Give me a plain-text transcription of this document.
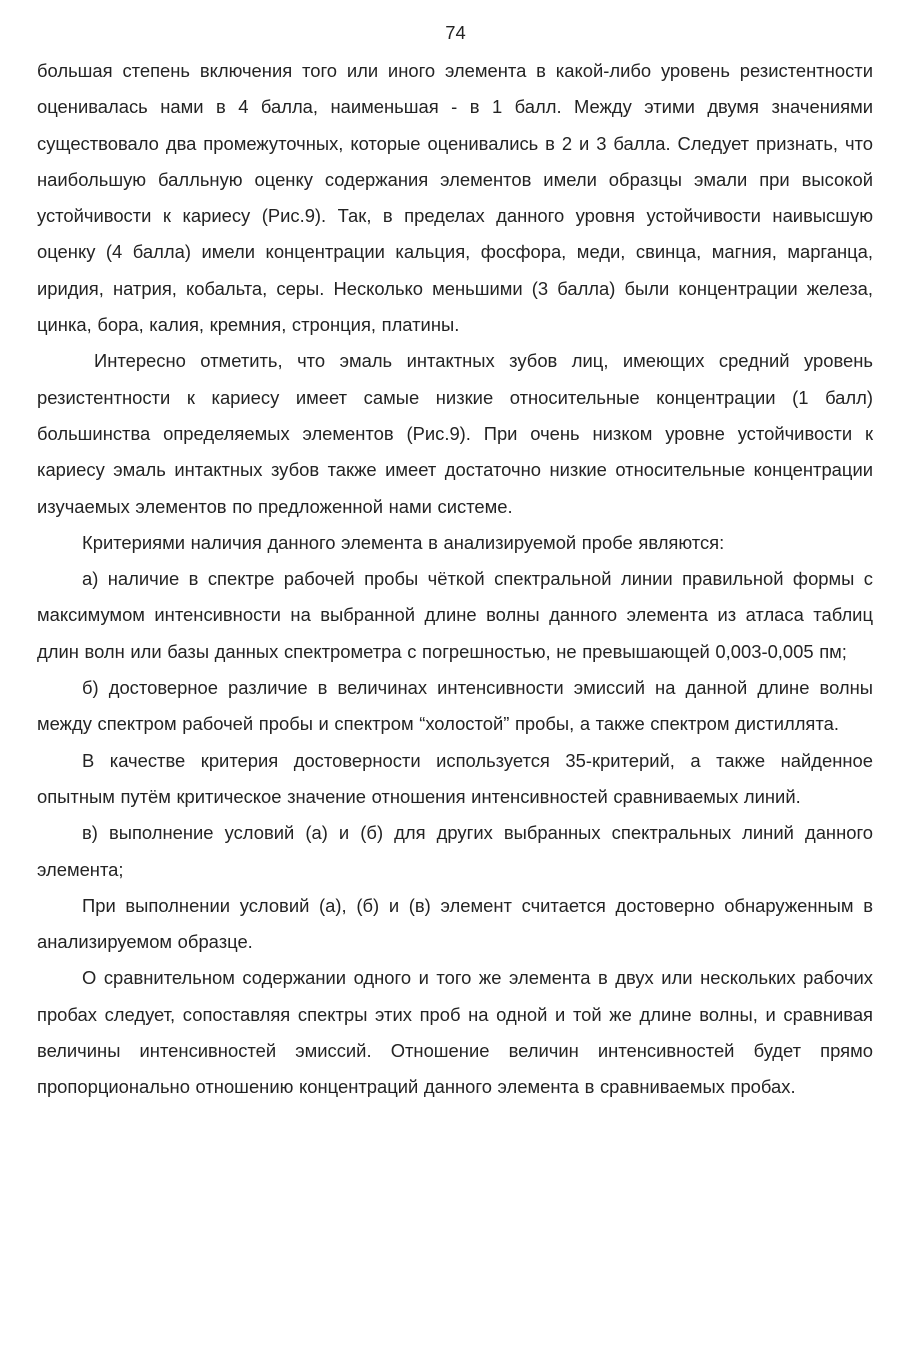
74

большая степень включения того или иного элемента в какой-либо уровень резистентности оценивалась нами в 4 балла, наименьшая - в 1 балл. Между этими двумя значениями существовало два промежуточных, которые оценивались в 2 и 3 балла. Следует признать, что наибольшую балльную оценку содержания элементов имели образцы эмали при высокой устойчивости к кариесу (Рис.9). Так, в пределах данного уровня устойчивости наивысшую оценку (4 балла) имели концентрации кальция, фосфора, меди, свинца, магния, марганца, иридия, натрия, кобальта, серы. Несколько меньшими (3 балла) были концентрации железа, цинка, бора, калия, кремния, стронция, платины.

Интересно отметить, что эмаль интактных зубов лиц, имеющих средний уровень резистентности к кариесу имеет самые низкие относительные концентрации (1 балл) большинства определяемых элементов (Рис.9). При очень низком уровне устойчивости к кариесу эмаль интактных зубов также имеет достаточно низкие относительные концентрации изучаемых элементов по предложенной нами системе.

Критериями наличия данного элемента в анализируемой пробе являются:

а) наличие в спектре рабочей пробы чёткой спектральной линии правильной формы с максимумом интенсивности на выбранной длине волны данного элемента из атласа таблиц длин волн или базы данных спектрометра с погрешностью, не превышающей 0,003-0,005 пм;

б) достоверное различие в величинах интенсивности эмиссий на данной длине волны между спектром рабочей пробы и спектром “холостой” пробы, а также спектром дистиллята.

В качестве критерия достоверности используется 35-критерий, а также найденное опытным путём критическое значение отношения интенсивностей сравниваемых линий.

в) выполнение условий (а) и (б) для других выбранных спектральных линий данного элемента;

При выполнении условий (а), (б) и (в) элемент считается достоверно обнаруженным в анализируемом образце.

О сравнительном содержании одного и того же элемента в двух или нескольких рабочих пробах следует, сопоставляя спектры этих проб на одной и той же длине волны, и сравнивая величины интенсивностей эмиссий. Отношение величин интенсивностей будет прямо пропорционально отношению концентраций данного элемента в сравниваемых пробах.
